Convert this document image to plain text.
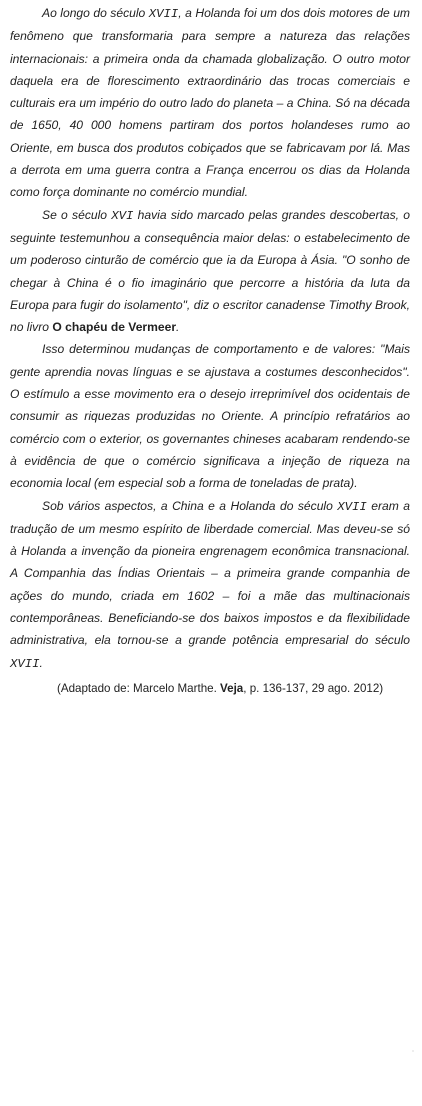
Ao longo do século XVII, a Holanda foi um dos dois motores de um fenômeno que transformaria para sempre a natureza das relações internacionais: a primeira onda da chamada globalização. O outro motor daquela era de florescimento extraordinário das trocas comerciais e culturais era um império do outro lado do planeta – a China. Só na década de 1650, 40 000 homens partiram dos portos holandeses rumo ao Oriente, em busca dos produtos cobiçados que se fabricavam por lá. Mas a derrota em uma guerra contra a França encerrou os dias da Holanda como força dominante no comércio mundial.

Se o século XVI havia sido marcado pelas grandes descobertas, o seguinte testemunhou a consequência maior delas: o estabelecimento de um poderoso cinturão de comércio que ia da Europa à Ásia. "O sonho de chegar à China é o fio imaginário que percorre a história da luta da Europa para fugir do isolamento", diz o escritor canadense Timothy Brook, no livro O chapéu de Vermeer.

Isso determinou mudanças de comportamento e de valores: "Mais gente aprendia novas línguas e se ajustava a costumes desconhecidos". O estímulo a esse movimento era o desejo irreprimível dos ocidentais de consumir as riquezas produzidas no Oriente. A princípio refratários ao comércio com o exterior, os governantes chineses acabaram rendendo-se à evidência de que o comércio significava a injeção de riqueza na economia local (em especial sob a forma de toneladas de prata).

Sob vários aspectos, a China e a Holanda do século XVII eram a tradução de um mesmo espírito de liberdade comercial. Mas deveu-se só à Holanda a invenção da pioneira engrenagem econômica transnacional. A Companhia das Índias Orientais – a primeira grande companhia de ações do mundo, criada em 1602 – foi a mãe das multinacionais contemporâneas. Beneficiando-se dos baixos impostos e da flexibilidade administrativa, ela tornou-se a grande potência empresarial do século XVII.

(Adaptado de: Marcelo Marthe. Veja, p. 136-137, 29 ago. 2012)
